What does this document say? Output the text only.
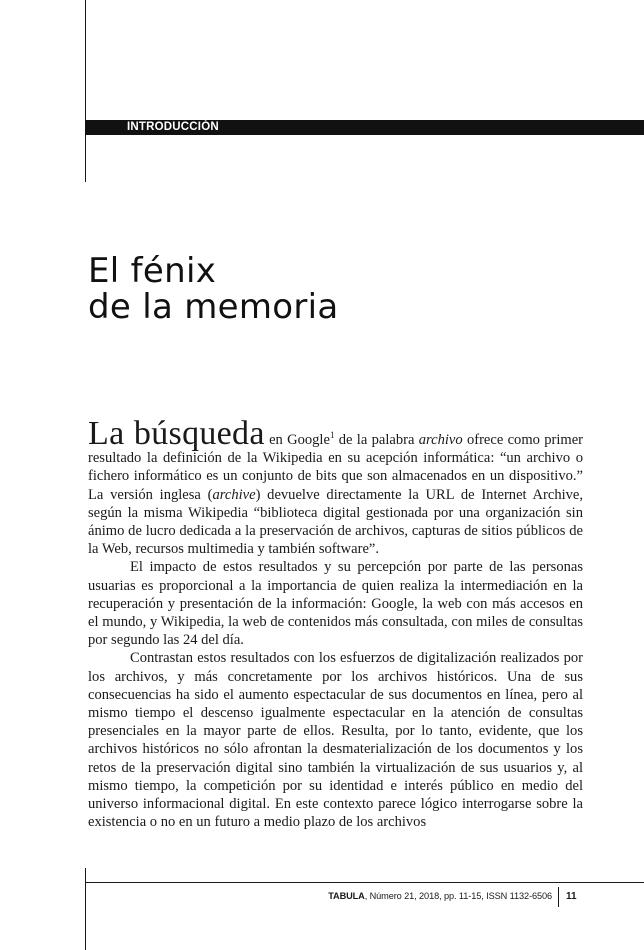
INTRODUCCIÓN
El fénix
de la memoria

La búsqueda en Google$^1$ de la palabra archivo ofrece como primer resultado la definición de la Wikipedia en su acepción informática: “un archivo o fichero informático es un conjunto de bits que son almacenados en un dispositivo.” La versión inglesa (archive) devuelve directamente la URL de Internet Archive, según la misma Wikipedia “biblioteca digital gestionada por una organización sin ánimo de lucro dedicada a la preservación de archivos, capturas de sitios públicos de la Web, recursos multimedia y también software”.

El impacto de estos resultados y su percepción por parte de las personas usuarias es proporcional a la importancia de quien realiza la intermediación en la recuperación y presentación de la información: Google, la web con más accesos en el mundo, y Wikipedia, la web de contenidos más consultada, con miles de consultas por segundo las 24 del día.

Contrastan estos resultados con los esfuerzos de digitalización realizados por los archivos, y más concretamente por los archivos históricos. Una de sus consecuencias ha sido el aumento espectacular de sus documentos en línea, pero al mismo tiempo el descenso igualmente espectacular en la atención de consultas presenciales en la mayor parte de ellos. Resulta, por lo tanto, evidente, que los archivos históricos no sólo afrontan la desmaterialización de los documentos y los retos de la preservación digital sino también la virtualización de sus usuarios y, al mismo tiempo, la competición por su identidad e interés público en medio del universo informacional digital. En este contexto parece lógico interrogarse sobre la existencia o no en un futuro a medio plazo de los archivos

TABULA, Número 21, 2018, pp. 11-15, ISSN 1132-6506 11
